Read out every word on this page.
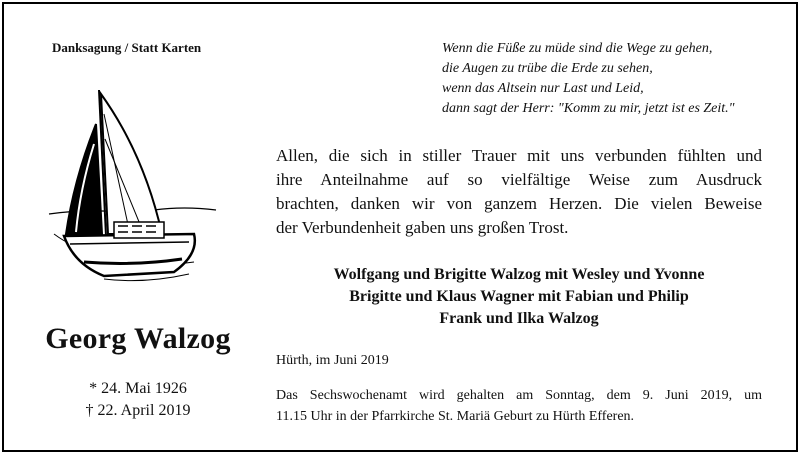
Danksagung / Statt Karten
Georg Walzog
* 24. Mai 1926
† 22. April 2019
Wenn die Füße zu müde sind die Wege zu gehen,
die Augen zu trübe die Erde zu sehen,
wenn das Altsein nur Last und Leid,
dann sagt der Herr: "Komm zu mir, jetzt ist es Zeit."
Allen, die sich in stiller Trauer mit uns verbunden fühlten und
ihre Anteilnahme auf so vielfältige Weise zum Ausdruck
brachten, danken wir von ganzem Herzen. Die vielen Beweise
der Verbundenheit gaben uns großen Trost.
Wolfgang und Brigitte Walzog mit Wesley und Yvonne
Brigitte und Klaus Wagner mit Fabian und Philip
Frank und Ilka Walzog
Hürth, im Juni 2019
Das Sechswochenamt wird gehalten am Sonntag, dem 9. Juni 2019, um
11.15 Uhr in der Pfarrkirche St. Mariä Geburt zu Hürth Efferen.
